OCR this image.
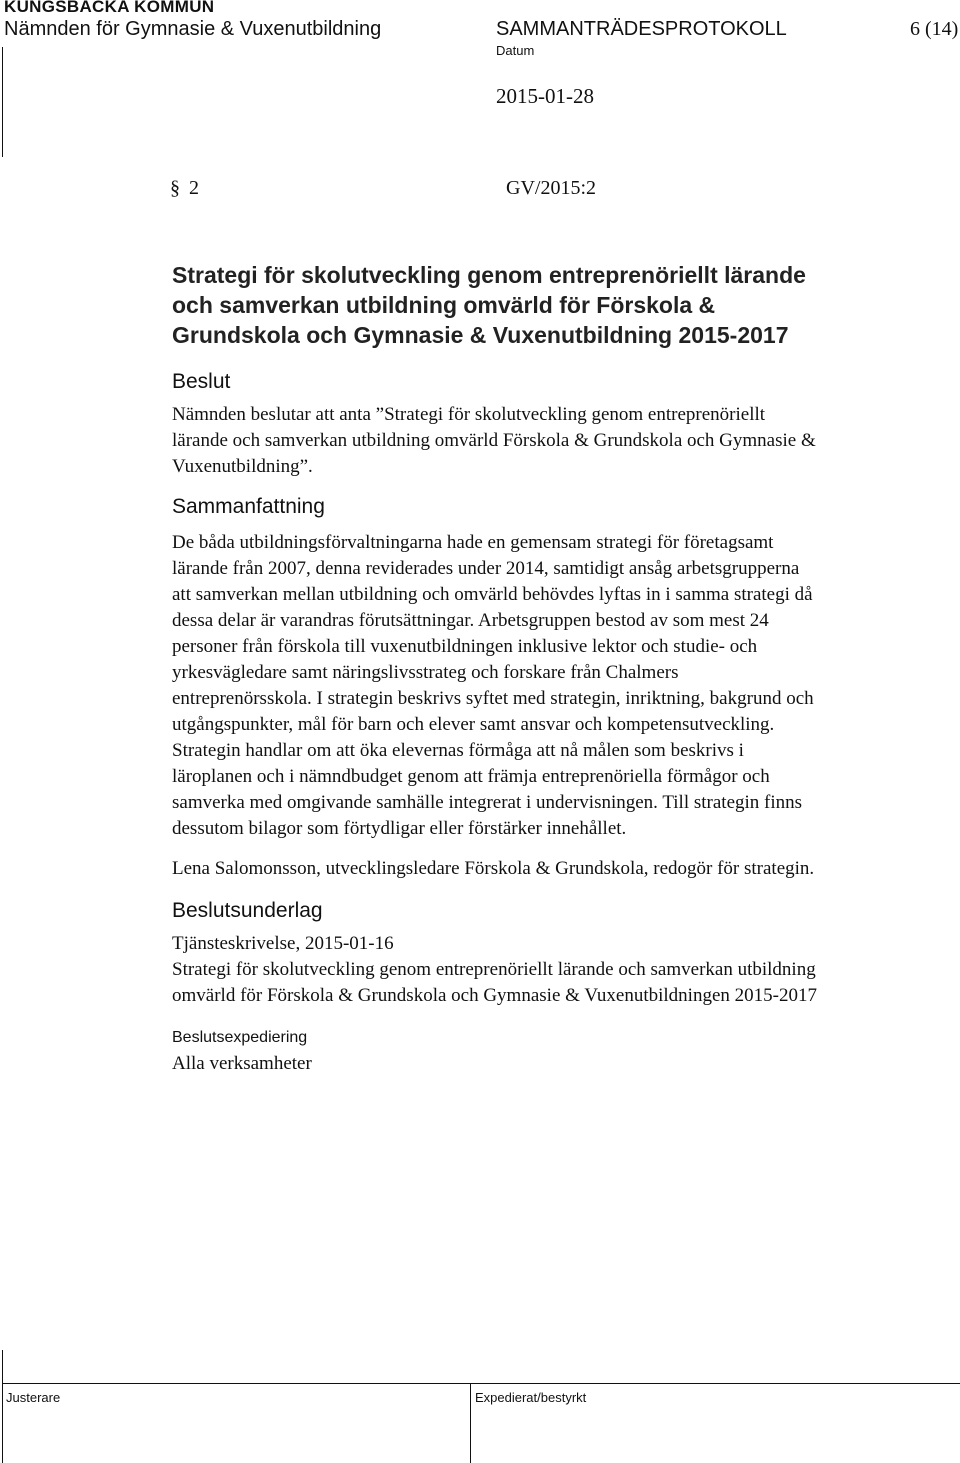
KUNGSBACKA KOMMUN
Nämnden för Gymnasie & Vuxenutbildning	SAMMANTRÄDESPROTOKOLL	6 (14)
Datum
2015-01-28
§ 2	GV/2015:2
Strategi för skolutveckling genom entreprenöriellt lärande
och samverkan utbildning omvärld för Förskola &
Grundskola och Gymnasie & Vuxenutbildning 2015-2017
Beslut
Nämnden beslutar att anta ”Strategi för skolutveckling genom entreprenöriellt
lärande och samverkan utbildning omvärld Förskola & Grundskola och Gymnasie &
Vuxenutbildning”.
Sammanfattning
De båda utbildningsförvaltningarna hade en gemensam strategi för företagsamt
lärande från 2007, denna reviderades under 2014, samtidigt ansåg arbetsgrupperna
att samverkan mellan utbildning och omvärld behövdes lyftas in i samma strategi då
dessa delar är varandras förutsättningar. Arbetsgruppen bestod av som mest 24
personer från förskola till vuxenutbildningen inklusive lektor och studie- och
yrkesvägledare samt näringslivsstrateg och forskare från Chalmers
entreprenörsskola. I strategin beskrivs syftet med strategin, inriktning, bakgrund och
utgångspunkter, mål för barn och elever samt ansvar och kompetensutveckling.
Strategin handlar om att öka elevernas förmåga att nå målen som beskrivs i
läroplanen och i nämndbudget genom att främja entreprenöriella förmågor och
samverka med omgivande samhälle integrerat i undervisningen. Till strategin finns
dessutom bilagor som förtydligar eller förstärker innehållet.
Lena Salomonsson, utvecklingsledare Förskola & Grundskola, redogör för strategin.
Beslutsunderlag
Tjänsteskrivelse, 2015-01-16
Strategi för skolutveckling genom entreprenöriellt lärande och samverkan utbildning
omvärld för Förskola & Grundskola och Gymnasie & Vuxenutbildningen 2015-2017
Beslutsexpediering
Alla verksamheter
Justerare	Expedierat/bestyrkt
